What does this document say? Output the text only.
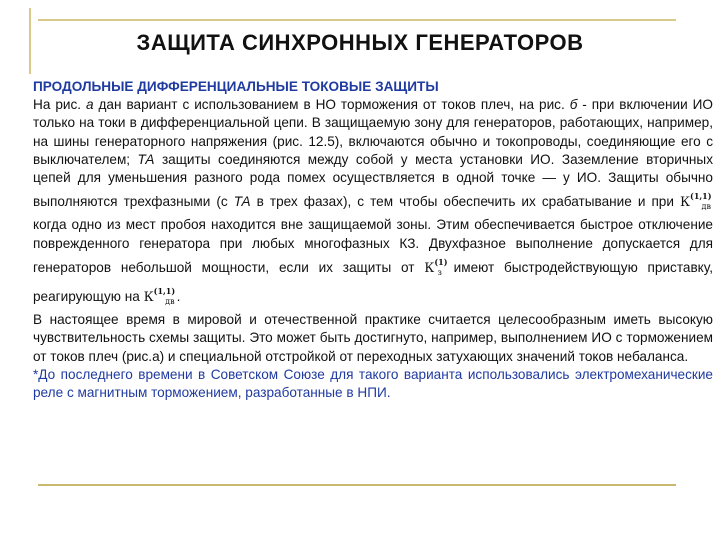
ЗАЩИТА СИНХРОННЫХ ГЕНЕРАТОРОВ
ПРОДОЛЬНЫЕ ДИФФЕРЕНЦИАЛЬНЫЕ ТОКОВЫЕ ЗАЩИТЫ
На рис. а дан вариант с использованием в НО торможения от токов плеч, на рис. б - при включении ИО только на токи в дифференциальной цепи. В защищаемую зону для генераторов, работающих, например, на шины генераторного напряжения (рис. 12.5), включаются обычно и токопроводы, соединяющие его с выключателем; ТА защиты соединяются между собой у места установки ИО. Заземление вторичных цепей для уменьшения разного рода помех осуществляется в одной точке — у ИО. Защиты обычно выполняются трехфазными (с ТА в трех фазах), с тем чтобы обеспечить их срабатывание и при К$^{(1,1)}_{дв}$ когда одно из мест пробоя находится вне защищаемой зоны. Этим обеспечивается быстрое отключение поврежденного генератора при любых многофазных КЗ. Двухфазное выполнение допускается для генераторов небольшой мощности, если их защиты от $К^{(1)}_з$ имеют быстродействующую приставку, реагирующую на К$^{(1,1)}_{дв}$ .
В настоящее время в мировой и отечественной практике считается целесообразным иметь высокую чувствительность схемы защиты. Это может быть достигнуто, например, выполнением ИО с торможением от токов плеч (рис.а) и специальной отстройкой от переходных затухающих значений токов небаланса.
*До последнего времени в Советском Союзе для такого варианта использовались электромеханические реле с магнитным торможением, разработанные в НПИ.
